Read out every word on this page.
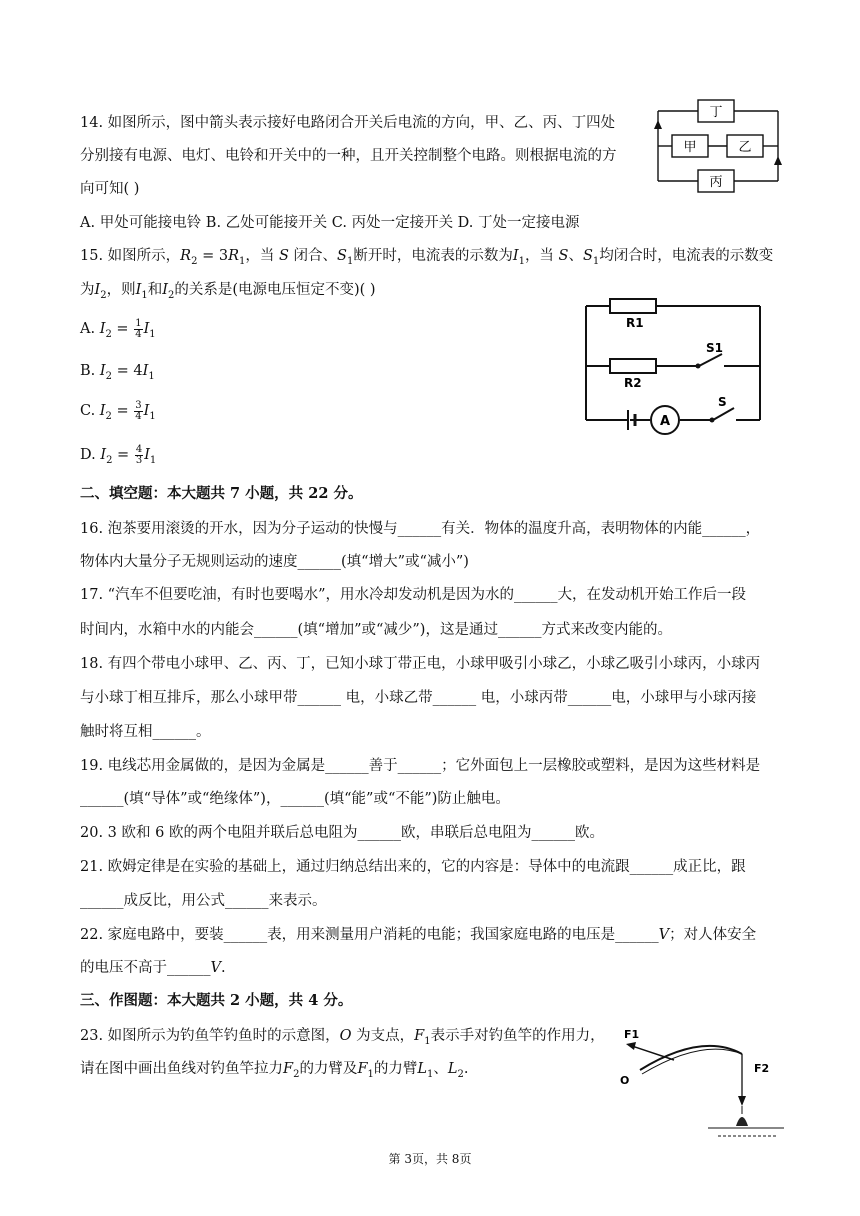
14. 如图所示，图中箭头表示接好电路闭合开关后电流的方向，甲、乙、丙、丁四处
分别接有电源、电灯、电铃和开关中的一种，且开关控制整个电路。则根据电流的方
向可知( )
A. 甲处可能接电铃 B. 乙处可能接开关 C. 丙处一定接开关 D. 丁处一定接电源
丁
甲	乙
丙
15. 如图所示，$R_2 = 3R_1$，当 S 闭合、$S_1$断开时，电流表的示数为$I_1$，当 S、$S_1$均闭合时，电流表的示数变
为$I_2$，则$I_1$和$I_2$的关系是(电源电压恒定不变)( )
A. $I_2 = \frac{1}{4} I_1$
B. $I_2 = 4I_1$
C. $I_2 = \frac{3}{4} I_1$
D. $I_2 = \frac{4}{3} I_1$
R1
R2
S1
S
A
二、填空题：本大题共 7 小题，共 22 分。
16. 泡茶要用滚烫的开水，因为分子运动的快慢与______有关．物体的温度升高，表明物体的内能______，
物体内大量分子无规则运动的速度______(填“增大”或“减小”)
17. “汽车不但要吃油，有时也要喝水”，用水冷却发动机是因为水的______大，在发动机开始工作后一段
时间内，水箱中水的内能会______(填“增加”或“减少”)，这是通过______方式来改变内能的。
18. 有四个带电小球甲、乙、丙、丁，已知小球丁带正电，小球甲吸引小球乙，小球乙吸引小球丙，小球丙
与小球丁相互排斥，那么小球甲带______ 电，小球乙带______ 电，小球丙带______电，小球甲与小球丙接
触时将互相______。
19. 电线芯用金属做的，是因为金属是______善于______；它外面包上一层橡胶或塑料，是因为这些材料是
______(填“导体”或“绝缘体”)，______(填“能”或“不能”)防止触电。
20. 3 欧和 6 欧的两个电阻并联后总电阻为______欧，串联后总电阻为______欧。
21. 欧姆定律是在实验的基础上，通过归纳总结出来的，它的内容是：导体中的电流跟______成正比，跟
______成反比，用公式______来表示。
22. 家庭电路中，要装______表，用来测量用户消耗的电能；我国家庭电路的电压是______V；对人体安全
的电压不高于______V.
三、作图题：本大题共 2 小题，共 4 分。
23. 如图所示为钓鱼竿钓鱼时的示意图，O 为支点，$F_1$表示手对钓鱼竿的作用力，
请在图中画出鱼线对钓鱼竿拉力$F_2$的力臂及$F_1$的力臂$L_1$、$L_2$.
F1
F2
O
第 3页，共 8页
